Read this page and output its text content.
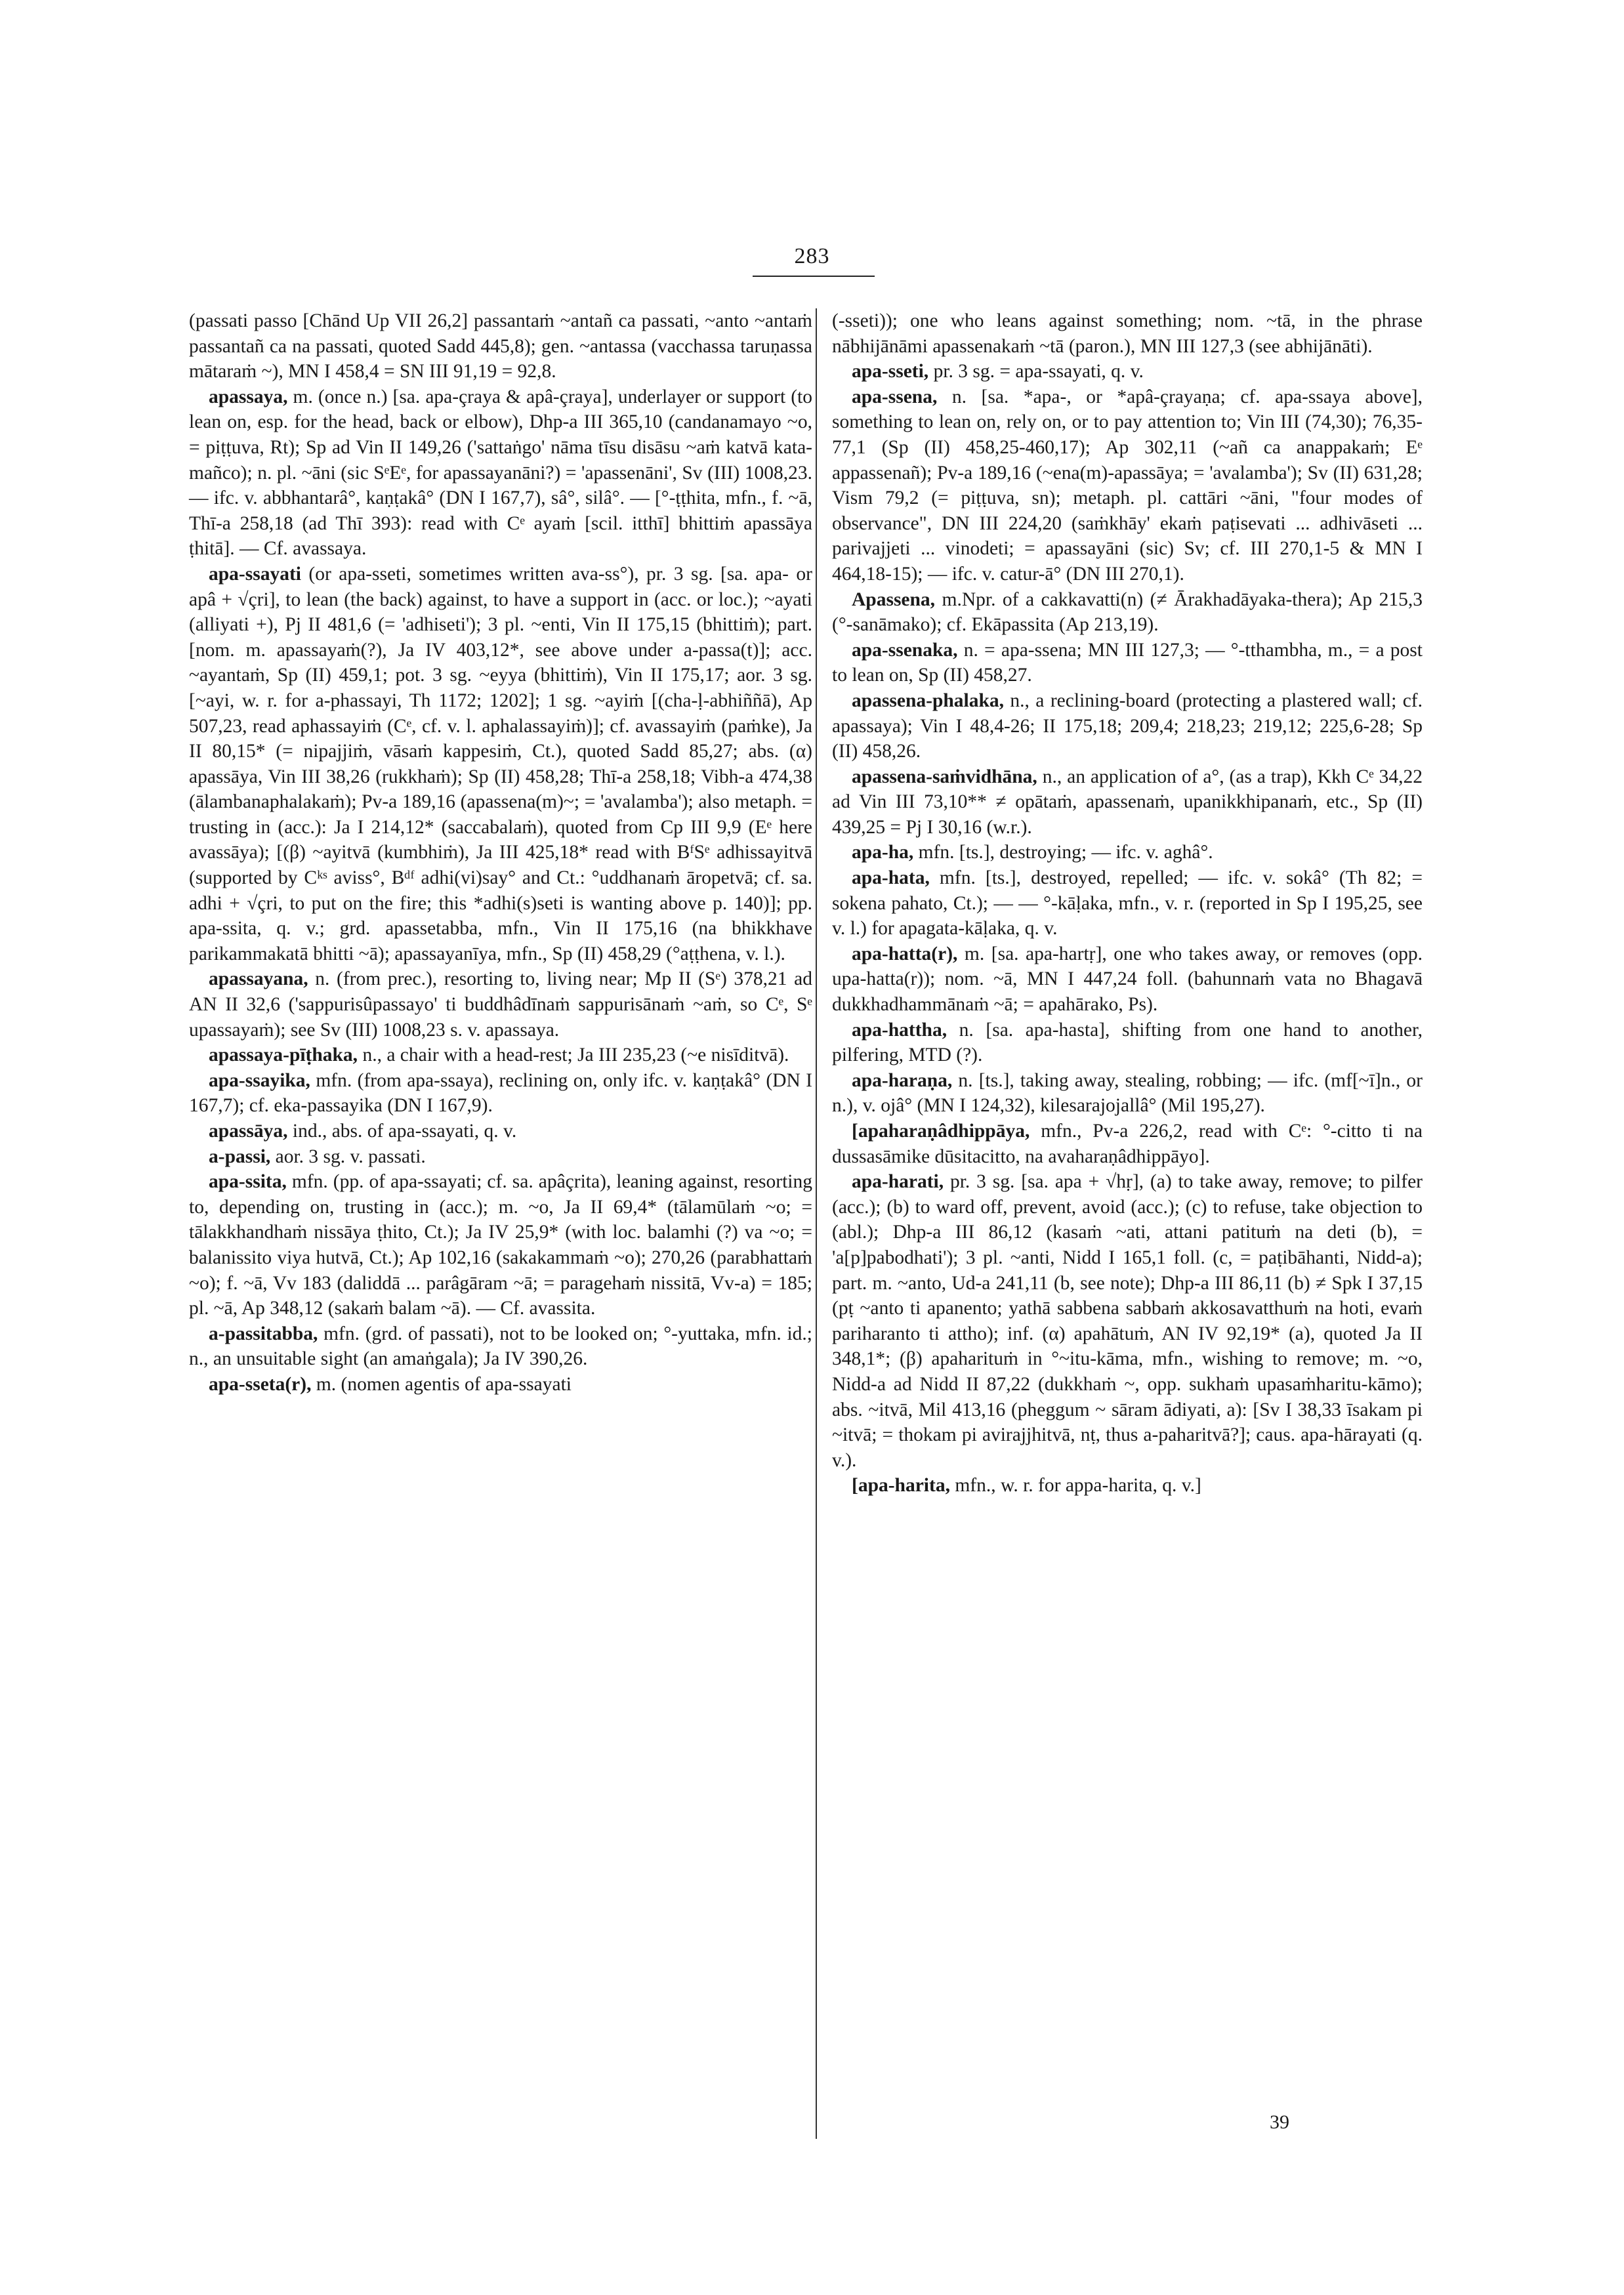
283

(passati passo [Chānd Up VII 26,2] passantaṁ ~antañ ca passati, ~anto ~antaṁ passantañ ca na passati, quoted Sadd 445,8); gen. ~antassa (vacchassa taruṇassa mātaraṁ ~), MN I 458,4 = SN III 91,19 = 92,8.

apassaya, m. (once n.) [sa. apa-çraya & apâ-çraya], underlayer or support (to lean on, esp. for the head, back or elbow), Dhp-a III 365,10 (candanamayo ~o, = piṭṭuva, Rt); Sp ad Vin II 149,26 ('sattaṅgo' nāma tīsu disāsu ~aṁ katvā kata-mañco); n. pl. ~āni (sic SᵉEᵉ, for apassayanāni?) = 'apassenāni', Sv (III) 1008,23. — ifc. v. abbhantarâ°, kaṇṭakâ° (DN I 167,7), sâ°, silâ°. — [°-ṭṭhita, mfn., f. ~ā, Thī-a 258,18 (ad Thī 393): read with Cᵉ ayaṁ [scil. itthī] bhittiṁ apassāya ṭhitā]. — Cf. avassaya.

apa-ssayati (or apa-sseti, sometimes written ava-ss°), pr. 3 sg. [sa. apa- or apâ + √çri], to lean (the back) against, to have a support in (acc. or loc.); ~ayati (alliyati +), Pj II 481,6 (= 'adhiseti'); 3 pl. ~enti, Vin II 175,15 (bhittiṁ); part. [nom. m. apassayaṁ(?), Ja IV 403,12*, see above under a-passa(t)]; acc. ~ayantaṁ, Sp (II) 459,1; pot. 3 sg. ~eyya (bhittiṁ), Vin II 175,17; aor. 3 sg. [~ayi, w. r. for a-phassayi, Th 1172; 1202]; 1 sg. ~ayiṁ [(cha-ḷ-abhiññā), Ap 507,23, read aphassayiṁ (Cᵉ, cf. v. l. aphalassayiṁ)]; cf. avassayiṁ (paṁke), Ja II 80,15* (= nipajjiṁ, vāsaṁ kappesiṁ, Ct.), quoted Sadd 85,27; abs. (α) apassāya, Vin III 38,26 (rukkhaṁ); Sp (II) 458,28; Thī-a 258,18; Vibh-a 474,38 (ālambanaphalakaṁ); Pv-a 189,16 (apassena(m)~; = 'avalamba'); also metaph. = trusting in (acc.): Ja I 214,12* (saccabalaṁ), quoted from Cp III 9,9 (Eᵉ here avassāya); [(β) ~ayitvā (kumbhiṁ), Ja III 425,18* read with BᶠSᵉ adhissayitvā (supported by Cᵏˢ aviss°, Bᵈᶠ adhi(vi)say° and Ct.: °uddhanaṁ āropetvā; cf. sa. adhi + √çri, to put on the fire; this *adhi(s)seti is wanting above p. 140)]; pp. apa-ssita, q. v.; grd. apassetabba, mfn., Vin II 175,16 (na bhikkhave parikammakatā bhitti ~ā); apassayanīya, mfn., Sp (II) 458,29 (°aṭṭhena, v. l.).

apassayana, n. (from prec.), resorting to, living near; Mp II (Sᵉ) 378,21 ad AN II 32,6 ('sappurisûpassayo' ti buddhâdīnaṁ sappurisānaṁ ~aṁ, so Cᵉ, Sᵉ upassayaṁ); see Sv (III) 1008,23 s. v. apassaya.

apassaya-pīṭhaka, n., a chair with a head-rest; Ja III 235,23 (~e nisīditvā).

apa-ssayika, mfn. (from apa-ssaya), reclining on, only ifc. v. kaṇṭakâ° (DN I 167,7); cf. eka-passayika (DN I 167,9).

apassāya, ind., abs. of apa-ssayati, q. v.

a-passi, aor. 3 sg. v. passati.

apa-ssita, mfn. (pp. of apa-ssayati; cf. sa. apâçrita), leaning against, resorting to, depending on, trusting in (acc.); m. ~o, Ja II 69,4* (tālamūlaṁ ~o; = tālakkhandhaṁ nissāya ṭhito, Ct.); Ja IV 25,9* (with loc. balamhi (?) va ~o; = balanissito viya hutvā, Ct.); Ap 102,16 (sakakammaṁ ~o); 270,26 (parabhattaṁ ~o); f. ~ā, Vv 183 (daliddā ... parâgāram ~ā; = paragehaṁ nissitā, Vv-a) = 185; pl. ~ā, Ap 348,12 (sakaṁ balam ~ā). — Cf. avassita.

a-passitabba, mfn. (grd. of passati), not to be looked on; °-yuttaka, mfn. id.; n., an unsuitable sight (an amaṅgala); Ja IV 390,26.

apa-sseta(r), m. (nomen agentis of apa-ssayati

(-sseti)); one who leans against something; nom. ~tā, in the phrase nābhijānāmi apassenakaṁ ~tā (paron.), MN III 127,3 (see abhijānāti).

apa-sseti, pr. 3 sg. = apa-ssayati, q. v.

apa-ssena, n. [sa. *apa-, or *apâ-çrayaṇa; cf. apa-ssaya above], something to lean on, rely on, or to pay attention to; Vin III (74,30); 76,35-77,1 (Sp (II) 458,25-460,17); Ap 302,11 (~añ ca anappakaṁ; Eᵉ appassenañ); Pv-a 189,16 (~ena(m)-apassāya; = 'avalamba'); Sv (II) 631,28; Vism 79,2 (= piṭṭuva, sn); metaph. pl. cattāri ~āni, "four modes of observance", DN III 224,20 (saṁkhāy' ekaṁ paṭisevati ... adhivāseti ... parivajjeti ... vinodeti; = apassayāni (sic) Sv; cf. III 270,1-5 & MN I 464,18-15); — ifc. v. catur-ā° (DN III 270,1).

Apassena, m.Npr. of a cakkavatti(n) (≠ Ārakhadāyaka-thera); Ap 215,3 (°-sanāmako); cf. Ekāpassita (Ap 213,19).

apa-ssenaka, n. = apa-ssena; MN III 127,3; — °-tthambha, m., = a post to lean on, Sp (II) 458,27.

apassena-phalaka, n., a reclining-board (protecting a plastered wall; cf. apassaya); Vin I 48,4-26; II 175,18; 209,4; 218,23; 219,12; 225,6-28; Sp (II) 458,26.

apassena-saṁvidhāna, n., an application of a°, (as a trap), Kkh Cᵉ 34,22 ad Vin III 73,10** ≠ opātaṁ, apassenaṁ, upanikkhipanaṁ, etc., Sp (II) 439,25 = Pj I 30,16 (w.r.).

apa-ha, mfn. [ts.], destroying; — ifc. v. aghâ°.

apa-hata, mfn. [ts.], destroyed, repelled; — ifc. v. sokâ° (Th 82; = sokena pahato, Ct.); — — °-kāḷaka, mfn., v. r. (reported in Sp I 195,25, see v. l.) for apagata-kāḷaka, q. v.

apa-hatta(r), m. [sa. apa-hartṛ], one who takes away, or removes (opp. upa-hatta(r)); nom. ~ā, MN I 447,24 foll. (bahunnaṁ vata no Bhagavā dukkhadhammānaṁ ~ā; = apahārako, Ps).

apa-hattha, n. [sa. apa-hasta], shifting from one hand to another, pilfering, MTD (?).

apa-haraṇa, n. [ts.], taking away, stealing, robbing; — ifc. (mf[~ī]n., or n.), v. ojâ° (MN I 124,32), kilesarajojallâ° (Mil 195,27).

[apaharaṇâdhippāya, mfn., Pv-a 226,2, read with Cᵉ: °-citto ti na dussasāmike dūsitacitto, na avaharaṇâdhippāyo].

apa-harati, pr. 3 sg. [sa. apa + √hṛ], (a) to take away, remove; to pilfer (acc.); (b) to ward off, prevent, avoid (acc.); (c) to refuse, take objection to (abl.); Dhp-a III 86,12 (kasaṁ ~ati, attani patituṁ na deti (b), = 'a[p]pabodhati'); 3 pl. ~anti, Nidd I 165,1 foll. (c, = paṭibāhanti, Nidd-a); part. m. ~anto, Ud-a 241,11 (b, see note); Dhp-a III 86,11 (b) ≠ Spk I 37,15 (pṭ ~anto ti apanento; yathā sabbena sabbaṁ akkosavatthuṁ na hoti, evaṁ pariharanto ti attho); inf. (α) apahātuṁ, AN IV 92,19* (a), quoted Ja II 348,1*; (β) apaharituṁ in °~itu-kāma, mfn., wishing to remove; m. ~o, Nidd-a ad Nidd II 87,22 (dukkhaṁ ~, opp. sukhaṁ upasaṁharitu-kāmo); abs. ~itvā, Mil 413,16 (pheggum ~ sāram ādiyati, a): [Sv I 38,33 īsakam pi ~itvā; = thokam pi avirajjhitvā, nṭ, thus a-paharitvā?]; caus. apa-hārayati (q. v.).

[apa-harita, mfn., w. r. for appa-harita, q. v.]

39
